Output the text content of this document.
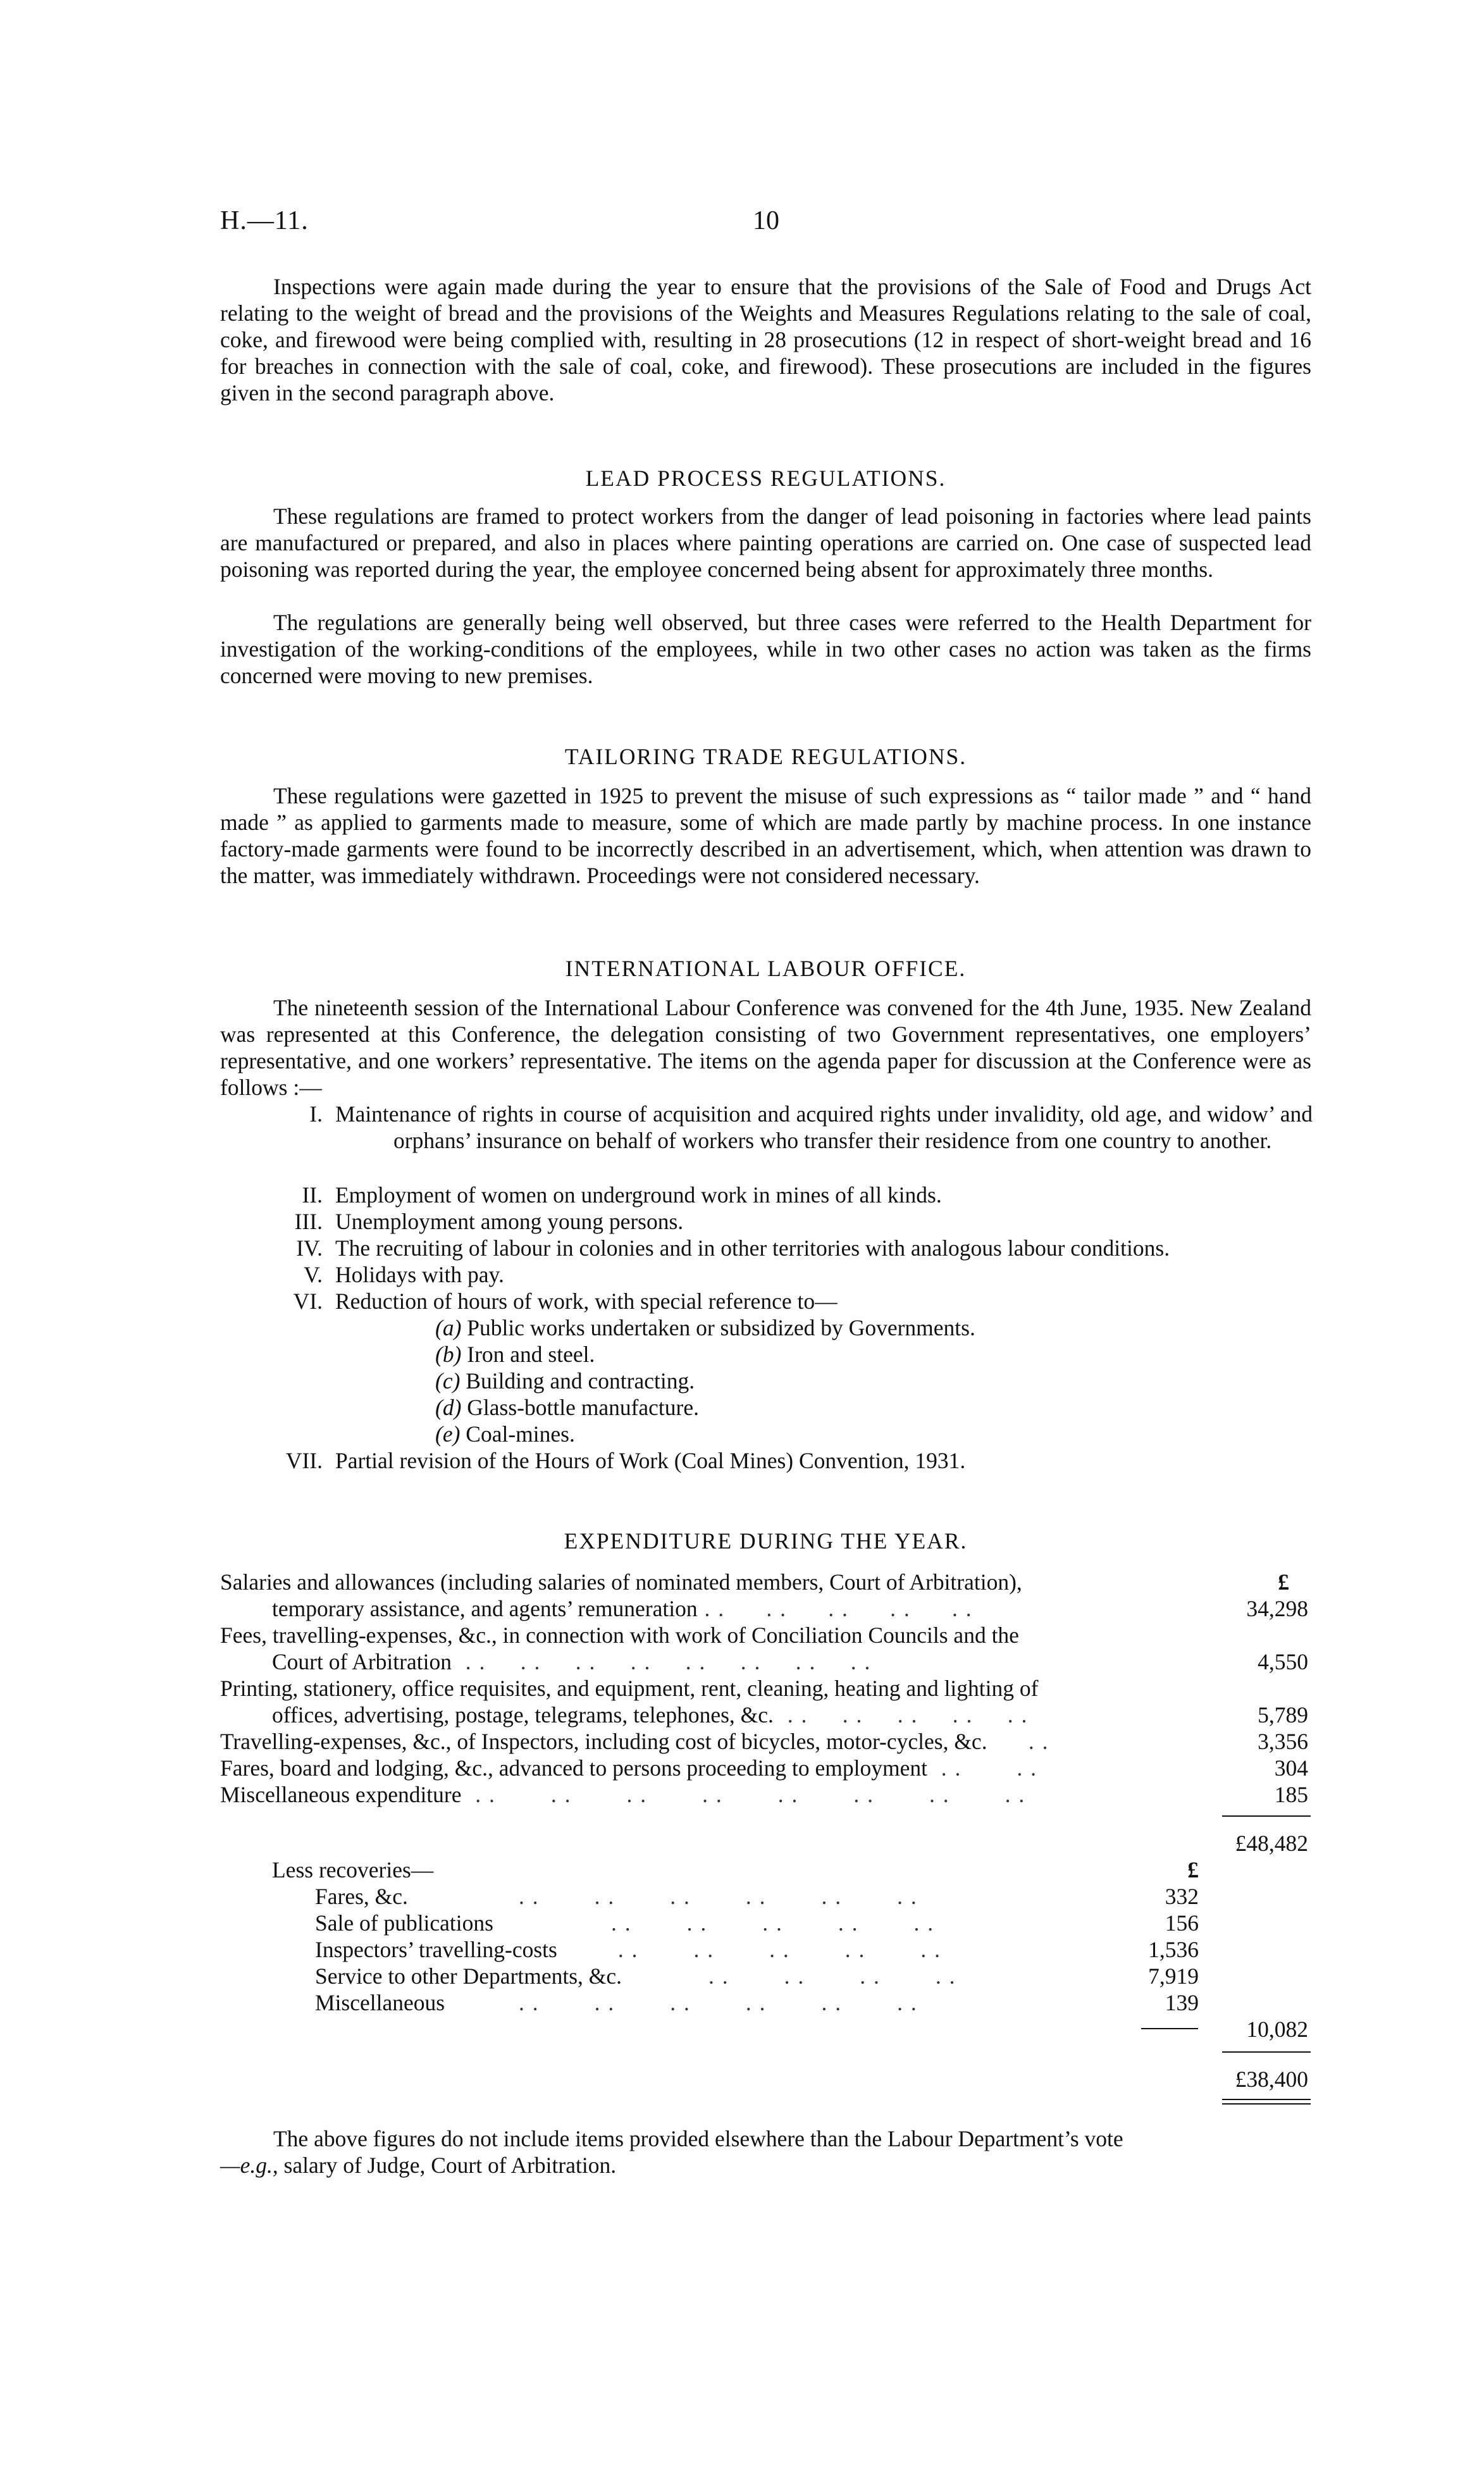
H.—11.	10
Inspections were again made during the year to ensure that the provisions of the Sale of Food and Drugs Act relating to the weight of bread and the provisions of the Weights and Measures Regulations relating to the sale of coal, coke, and firewood were being complied with, resulting in 28 prosecutions (12 in respect of short-weight bread and 16 for breaches in connection with the sale of coal, coke, and firewood). These prosecutions are included in the figures given in the second paragraph above.
LEAD PROCESS REGULATIONS.
These regulations are framed to protect workers from the danger of lead poisoning in factories where lead paints are manufactured or prepared, and also in places where painting operations are carried on. One case of suspected lead poisoning was reported during the year, the employee concerned being absent for approximately three months.
The regulations are generally being well observed, but three cases were referred to the Health Department for investigation of the working-conditions of the employees, while in two other cases no action was taken as the firms concerned were moving to new premises.
TAILORING TRADE REGULATIONS.
These regulations were gazetted in 1925 to prevent the misuse of such expressions as “ tailor made ” and “ hand made ” as applied to garments made to measure, some of which are made partly by machine process. In one instance factory-made garments were found to be incorrectly described in an advertisement, which, when attention was drawn to the matter, was immediately withdrawn. Proceedings were not considered necessary.
INTERNATIONAL LABOUR OFFICE.
The nineteenth session of the International Labour Conference was convened for the 4th June, 1935. New Zealand was represented at this Conference, the delegation consisting of two Government representatives, one employers’ representative, and one workers’ representative. The items on the agenda paper for discussion at the Conference were as follows :—
I. Maintenance of rights in course of acquisition and acquired rights under invalidity, old age, and widow’ and orphans’ insurance on behalf of workers who transfer their residence from one country to another.
II. Employment of women on underground work in mines of all kinds.
III. Unemployment among young persons.
IV. The recruiting of labour in colonies and in other territories with analogous labour conditions.
V. Holidays with pay.
VI. Reduction of hours of work, with special reference to—
(a) Public works undertaken or subsidized by Governments.
(b) Iron and steel.
(c) Building and contracting.
(d) Glass-bottle manufacture.
(e) Coal-mines.
VII. Partial revision of the Hours of Work (Coal Mines) Convention, 1931.
EXPENDITURE DURING THE YEAR.
£
Salaries and allowances (including salaries of nominated members, Court of Arbitration),
temporary assistance, and agents’ remuneration . .      . .      . .      . .      . .	34,298
Fees, travelling-expenses, &c., in connection with work of Conciliation Councils and the
Court of Arbitration  . .     . .     . .     . .     . .     . .     . .     . .	4,550
Printing, stationery, office requisites, and equipment, rent, cleaning, heating and lighting of
offices, advertising, postage, telegrams, telephones, &c.  . .     . .     . .     . .     . .	5,789
Travelling-expenses, &c., of Inspectors, including cost of bicycles, motor-cycles, &c.      . .	3,356
Fares, board and lodging, &c., advanced to persons proceeding to employment  . .        . .	304
Miscellaneous expenditure  . .        . .        . .        . .        . .        . .        . .        . .	185
£48,482
Less recoveries—	£
Fares, &c.	. .        . .        . .        . .        . .        . .	332
Sale of publications	. .        . .        . .        . .        . .	156
Inspectors’ travelling-costs . .        . .        . .        . .        . .	1,536
Service to other Departments, &c.	. .        . .        . .        . .	7,919
Miscellaneous	. .        . .        . .        . .        . .        . .	139
10,082
£38,400
The above figures do not include items provided elsewhere than the Labour Department’s vote
—e.g., salary of Judge, Court of Arbitration.
